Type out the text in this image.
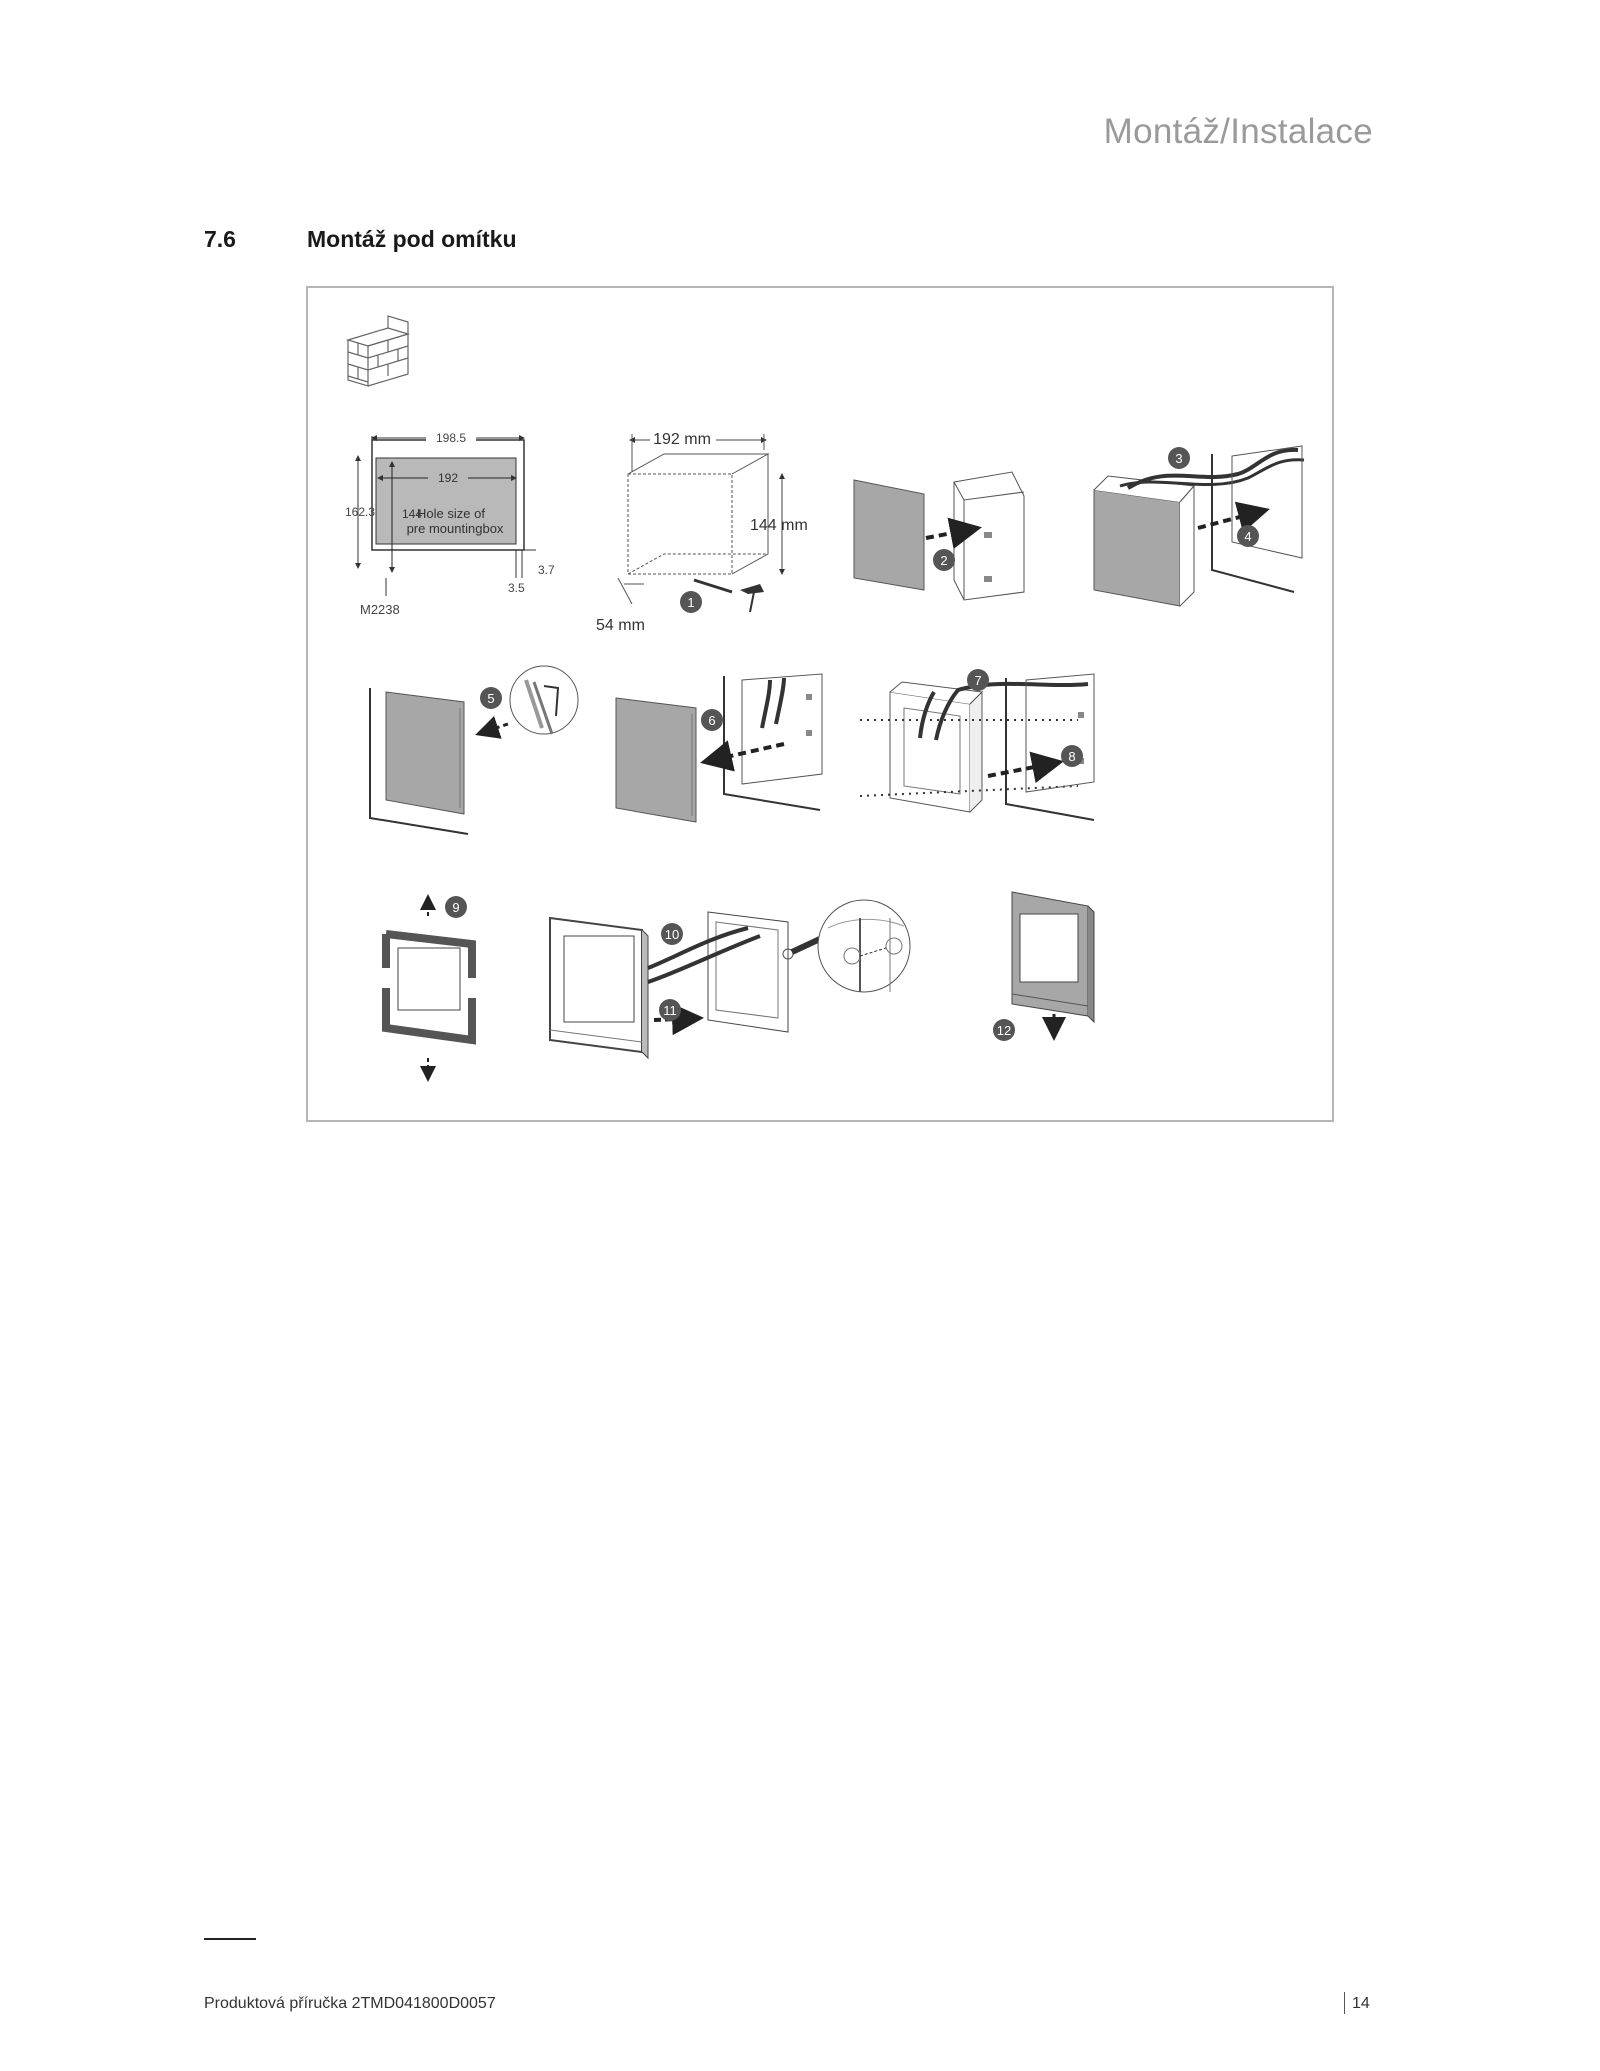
Montáž/Instalace
7.6	Montáž pod omítku
198.5
192
162.3 144
Hole size of
pre mountingbox
3.7
3.5
M2238
192 mm
144 mm
54 mm
1
2
3
4
5
6
7
8
9
10
11
12
Produktová příručka 2TMD041800D0057	14
